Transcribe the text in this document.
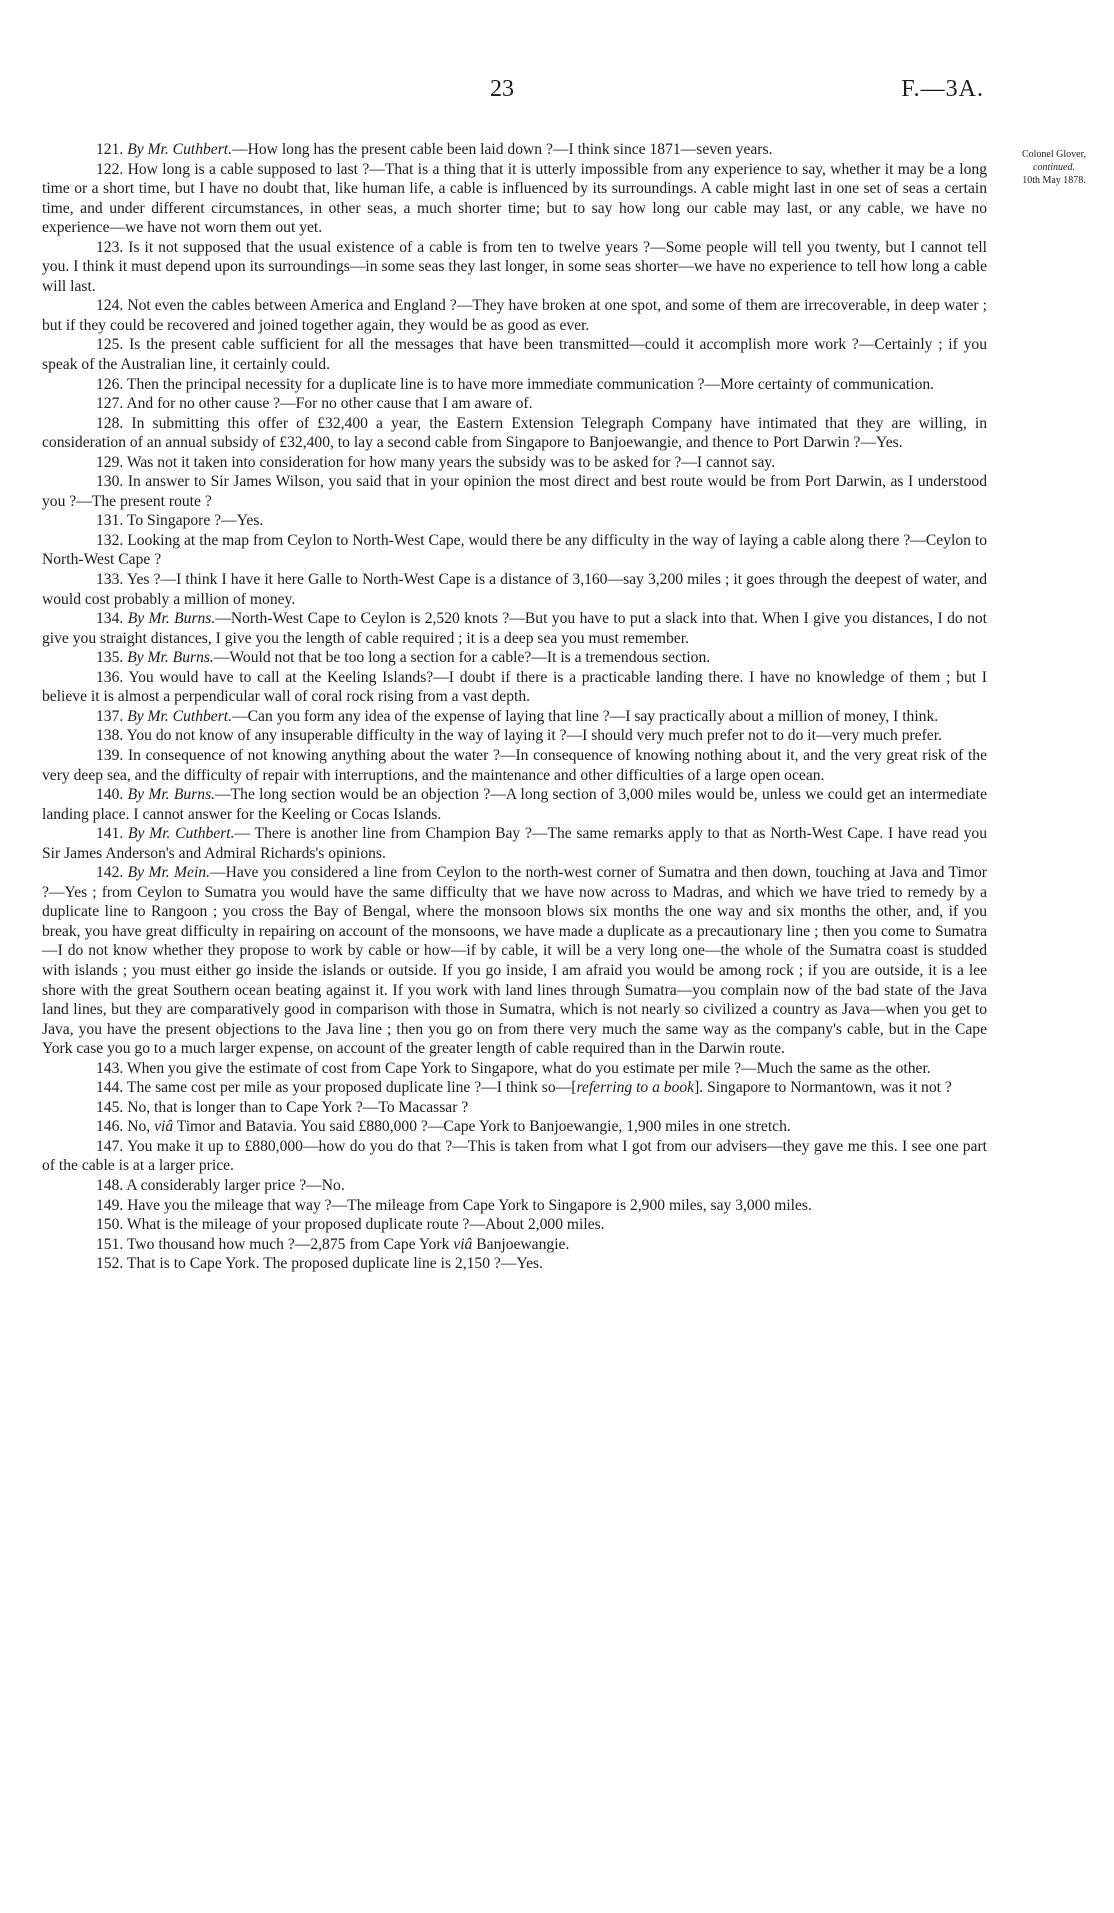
23	F.—3A.
Colonel Glover,
continued.
10th May 1878.

121. By Mr. Cuthbert.—How long has the present cable been laid down ?—I think since 1871—seven years.

122. How long is a cable supposed to last ?—That is a thing that it is utterly impossible from any experience to say, whether it may be a long time or a short time, but I have no doubt that, like human life, a cable is influenced by its surroundings. A cable might last in one set of seas a certain time, and under different circumstances, in other seas, a much shorter time; but to say how long our cable may last, or any cable, we have no experience—we have not worn them out yet.

123. Is it not supposed that the usual existence of a cable is from ten to twelve years ?—Some people will tell you twenty, but I cannot tell you. I think it must depend upon its surroundings—in some seas they last longer, in some seas shorter—we have no experience to tell how long a cable will last.

124. Not even the cables between America and England ?—They have broken at one spot, and some of them are irrecoverable, in deep water ; but if they could be recovered and joined together again, they would be as good as ever.

125. Is the present cable sufficient for all the messages that have been transmitted—could it accomplish more work ?—Certainly ; if you speak of the Australian line, it certainly could.

126. Then the principal necessity for a duplicate line is to have more immediate communication ?—More certainty of communication.

127. And for no other cause ?—For no other cause that I am aware of.

128. In submitting this offer of £32,400 a year, the Eastern Extension Telegraph Company have intimated that they are willing, in consideration of an annual subsidy of £32,400, to lay a second cable from Singapore to Banjoewangie, and thence to Port Darwin ?—Yes.

129. Was not it taken into consideration for how many years the subsidy was to be asked for ?—I cannot say.

130. In answer to Sir James Wilson, you said that in your opinion the most direct and best route would be from Port Darwin, as I understood you ?—The present route ?

131. To Singapore ?—Yes.

132. Looking at the map from Ceylon to North-West Cape, would there be any difficulty in the way of laying a cable along there ?—Ceylon to North-West Cape ?

133. Yes ?—I think I have it here Galle to North-West Cape is a distance of 3,160—say 3,200 miles ; it goes through the deepest of water, and would cost probably a million of money.

134. By Mr. Burns.—North-West Cape to Ceylon is 2,520 knots ?—But you have to put a slack into that. When I give you distances, I do not give you straight distances, I give you the length of cable required ; it is a deep sea you must remember.

135. By Mr. Burns.—Would not that be too long a section for a cable?—It is a tremendous section.

136. You would have to call at the Keeling Islands?—I doubt if there is a practicable landing there. I have no knowledge of them ; but I believe it is almost a perpendicular wall of coral rock rising from a vast depth.

137. By Mr. Cuthbert.—Can you form any idea of the expense of laying that line ?—I say practically about a million of money, I think.

138. You do not know of any insuperable difficulty in the way of laying it ?—I should very much prefer not to do it—very much prefer.

139. In consequence of not knowing anything about the water ?—In consequence of knowing nothing about it, and the very great risk of the very deep sea, and the difficulty of repair with interruptions, and the maintenance and other difficulties of a large open ocean.

140. By Mr. Burns.—The long section would be an objection ?—A long section of 3,000 miles would be, unless we could get an intermediate landing place. I cannot answer for the Keeling or Cocas Islands.

141. By Mr. Cuthbert.— There is another line from Champion Bay ?—The same remarks apply to that as North-West Cape. I have read you Sir James Anderson's and Admiral Richards's opinions.

142. By Mr. Mein.—Have you considered a line from Ceylon to the north-west corner of Sumatra and then down, touching at Java and Timor ?—Yes ; from Ceylon to Sumatra you would have the same difficulty that we have now across to Madras, and which we have tried to remedy by a duplicate line to Rangoon ; you cross the Bay of Bengal, where the monsoon blows six months the one way and six months the other, and, if you break, you have great difficulty in repairing on account of the monsoons, we have made a duplicate as a precautionary line ; then you come to Sumatra—I do not know whether they propose to work by cable or how—if by cable, it will be a very long one—the whole of the Sumatra coast is studded with islands ; you must either go inside the islands or outside. If you go inside, I am afraid you would be among rock ; if you are outside, it is a lee shore with the great Southern ocean beating against it. If you work with land lines through Sumatra—you complain now of the bad state of the Java land lines, but they are comparatively good in comparison with those in Sumatra, which is not nearly so civilized a country as Java—when you get to Java, you have the present objections to the Java line ; then you go on from there very much the same way as the company's cable, but in the Cape York case you go to a much larger expense, on account of the greater length of cable required than in the Darwin route.

143. When you give the estimate of cost from Cape York to Singapore, what do you estimate per mile ?—Much the same as the other.

144. The same cost per mile as your proposed duplicate line ?—I think so—[referring to a book]. Singapore to Normantown, was it not ?

145. No, that is longer than to Cape York ?—To Macassar ?

146. No, viâ Timor and Batavia. You said £880,000 ?—Cape York to Banjoewangie, 1,900 miles in one stretch.

147. You make it up to £880,000—how do you do that ?—This is taken from what I got from our advisers—they gave me this. I see one part of the cable is at a larger price.

148. A considerably larger price ?—No.

149. Have you the mileage that way ?—The mileage from Cape York to Singapore is 2,900 miles, say 3,000 miles.

150. What is the mileage of your proposed duplicate route ?—About 2,000 miles.

151. Two thousand how much ?—2,875 from Cape York viâ Banjoewangie.

152. That is to Cape York. The proposed duplicate line is 2,150 ?—Yes.
